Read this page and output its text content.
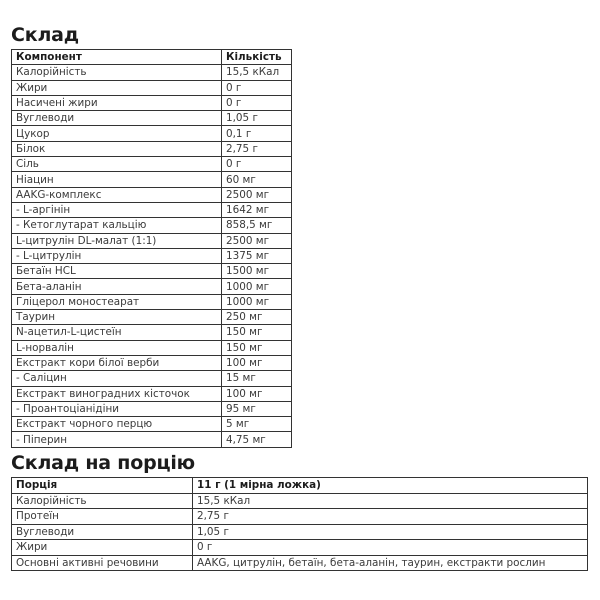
Склад
Компонент	Кількість
Калорійність	15,5 кКал
Жири	0 г
Насичені жири	0 г
Вуглеводи	1,05 г
Цукор	0,1 г
Білок	2,75 г
Сіль	0 г
Ніацин	60 мг
AAKG-комплекс	2500 мг
- L-аргінін	1642 мг
- Кетоглутарат кальцію	858,5 мг
L-цитрулін DL-малат (1:1)	2500 мг
- L-цитрулін	1375 мг
Бетаїн HCL	1500 мг
Бета-аланін	1000 мг
Гліцерол моностеарат	1000 мг
Таурин	250 мг
N-ацетил-L-цистеїн	150 мг
L-норвалін	150 мг
Екстракт кори білої верби	100 мг
- Саліцин	15 мг
Екстракт виноградних кісточок	100 мг
- Проантоціанідіни	95 мг
Екстракт чорного перцю	5 мг
- Піперин	4,75 мг
Склад на порцію
Порція	11 г (1 мірна ложка)
Калорійність	15,5 кКал
Протеїн	2,75 г
Вуглеводи	1,05 г
Жири	0 г
Основні активні речовини	AAKG, цитрулін, бетаїн, бета-аланін, таурин, екстракти рослин
